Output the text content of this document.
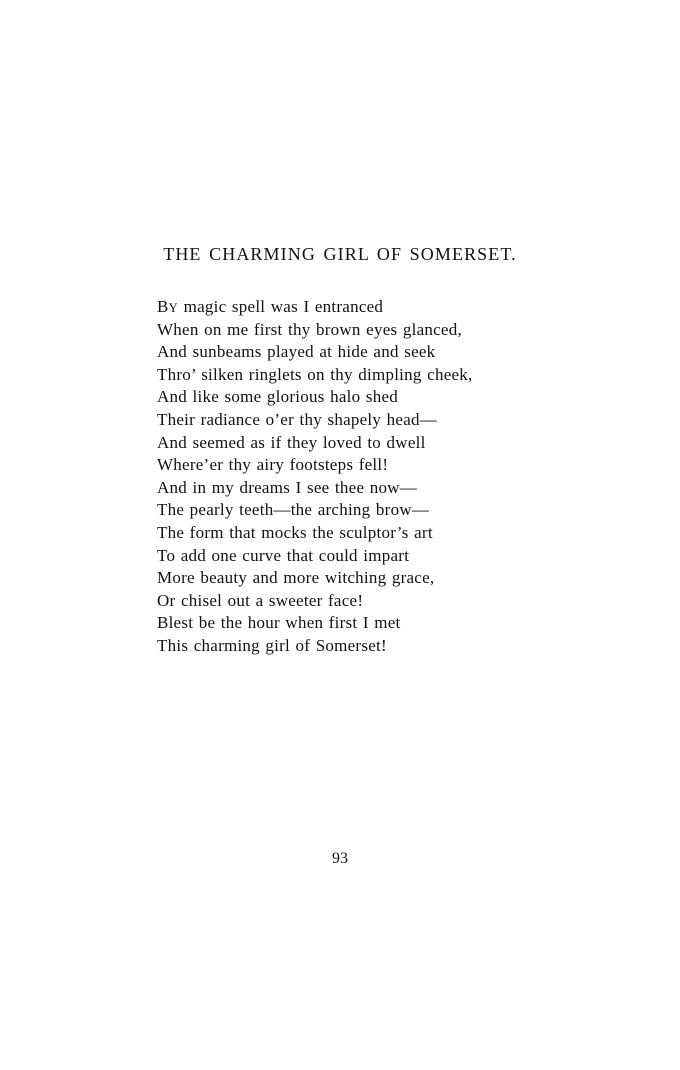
THE CHARMING GIRL OF SOMERSET.
BY magic spell was I entranced
When on me first thy brown eyes glanced,
And sunbeams played at hide and seek
Thro’ silken ringlets on thy dimpling cheek,
And like some glorious halo shed
Their radiance o’er thy shapely head—
And seemed as if they loved to dwell
Where’er thy airy footsteps fell!
And in my dreams I see thee now—
The pearly teeth—the arching brow—
The form that mocks the sculptor’s art
To add one curve that could impart
More beauty and more witching grace,
Or chisel out a sweeter face!
Blest be the hour when first I met
This charming girl of Somerset!

93
